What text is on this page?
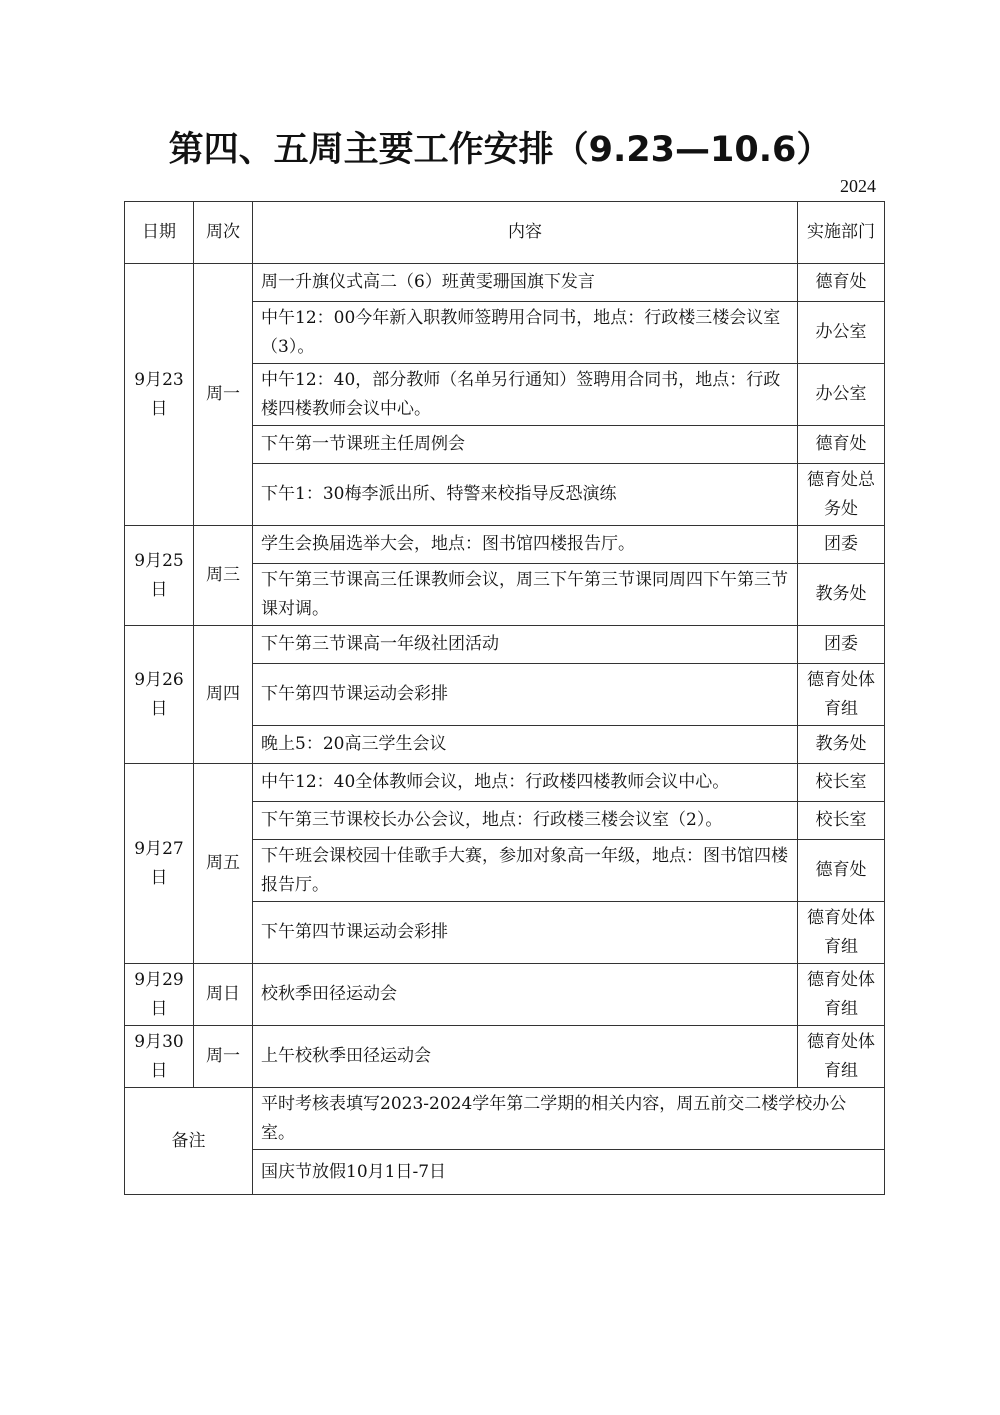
第四、五周主要工作安排（9.23—10.6）
2024
日期	周次	内容	实施部门
9月23日	周一	周一升旗仪式高二（6）班黄雯珊国旗下发言	德育处
		中午12：00今年新入职教师签聘用合同书，地点：行政楼三楼会议室（3）。	办公室
		中午12：40，部分教师（名单另行通知）签聘用合同书，地点：行政楼四楼教师会议中心。	办公室
		下午第一节课班主任周例会	德育处
		下午1：30梅李派出所、特警来校指导反恐演练	德育处总务处
9月25日	周三	学生会换届选举大会，地点：图书馆四楼报告厅。	团委
		下午第三节课高三任课教师会议，周三下午第三节课同周四下午第三节课对调。	教务处
9月26日	周四	下午第三节课高一年级社团活动	团委
		下午第四节课运动会彩排	德育处体育组
		晚上5：20高三学生会议	教务处
9月27日	周五	中午12：40全体教师会议，地点：行政楼四楼教师会议中心。	校长室
		下午第三节课校长办公会议，地点：行政楼三楼会议室（2）。	校长室
		下午班会课校园十佳歌手大赛，参加对象高一年级，地点：图书馆四楼报告厅。	德育处
		下午第四节课运动会彩排	德育处体育组
9月29日	周日	校秋季田径运动会	德育处体育组
9月30日	周一	上午校秋季田径运动会	德育处体育组
备注		平时考核表填写2023-2024学年第二学期的相关内容，周五前交二楼学校办公室。	
		国庆节放假10月1日-7日	
